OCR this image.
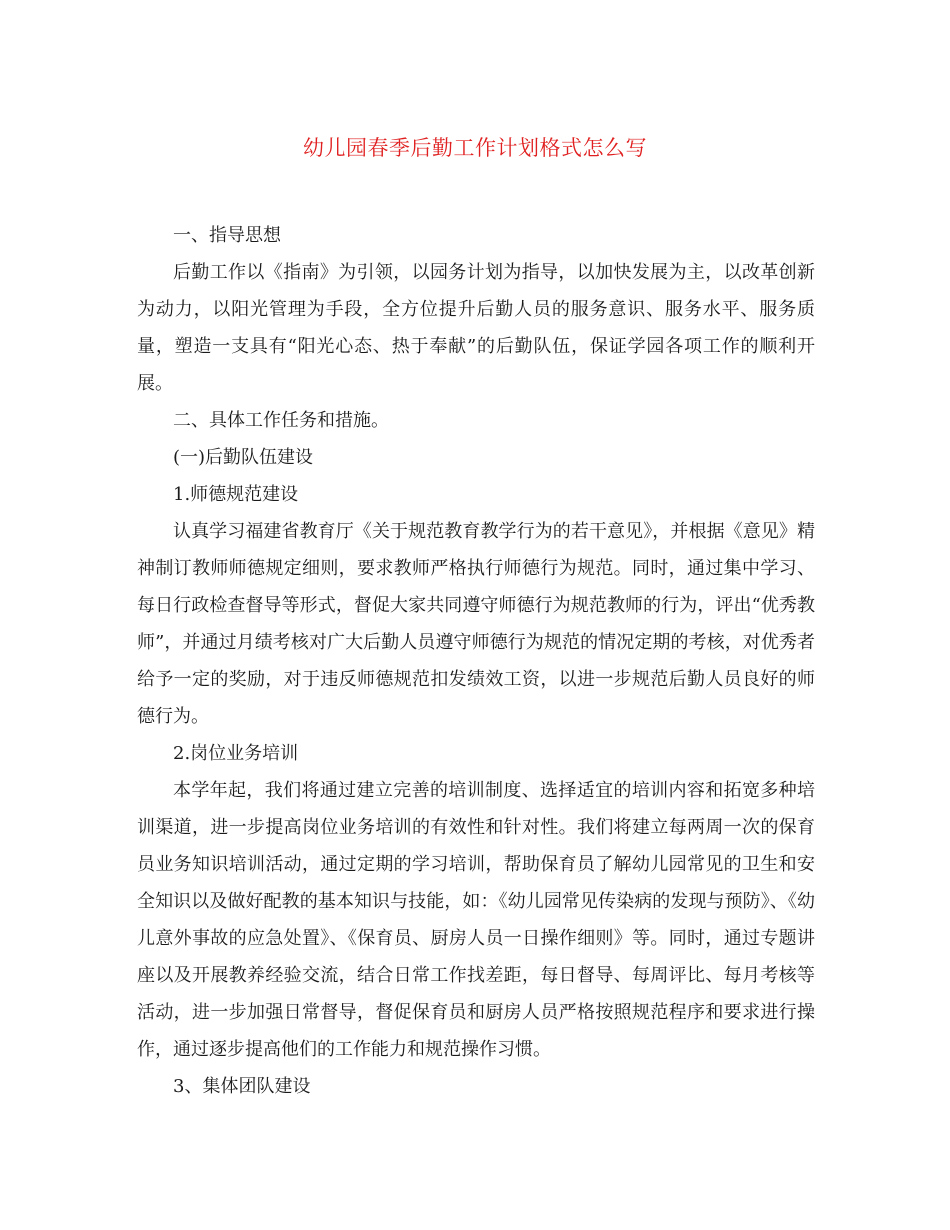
幼儿园春季后勤工作计划格式怎么写

一、指导思想

后勤工作以《指南》为引领，以园务计划为指导，以加快发展为主，以改革创新为动力，以阳光管理为手段，全方位提升后勤人员的服务意识、服务水平、服务质量，塑造一支具有“阳光心态、热于奉献”的后勤队伍，保证学园各项工作的顺利开展。

二、具体工作任务和措施。

(一)后勤队伍建设

1.师德规范建设

认真学习福建省教育厅《关于规范教育教学行为的若干意见》，并根据《意见》精神制订教师师德规定细则，要求教师严格执行师德行为规范。同时，通过集中学习、每日行政检查督导等形式，督促大家共同遵守师德行为规范教师的行为，评出“优秀教师”，并通过月绩考核对广大后勤人员遵守师德行为规范的情况定期的考核，对优秀者给予一定的奖励，对于违反师德规范扣发绩效工资，以进一步规范后勤人员良好的师德行为。

2.岗位业务培训

本学年起，我们将通过建立完善的培训制度、选择适宜的培训内容和拓宽多种培训渠道，进一步提高岗位业务培训的有效性和针对性。我们将建立每两周一次的保育员业务知识培训活动，通过定期的学习培训，帮助保育员了解幼儿园常见的卫生和安全知识以及做好配教的基本知识与技能，如：《幼儿园常见传染病的发现与预防》、《幼儿意外事故的应急处置》、《保育员、厨房人员一日操作细则》等。同时，通过专题讲座以及开展教养经验交流，结合日常工作找差距，每日督导、每周评比、每月考核等活动，进一步加强日常督导，督促保育员和厨房人员严格按照规范程序和要求进行操作，通过逐步提高他们的工作能力和规范操作习惯。

3、集体团队建设
